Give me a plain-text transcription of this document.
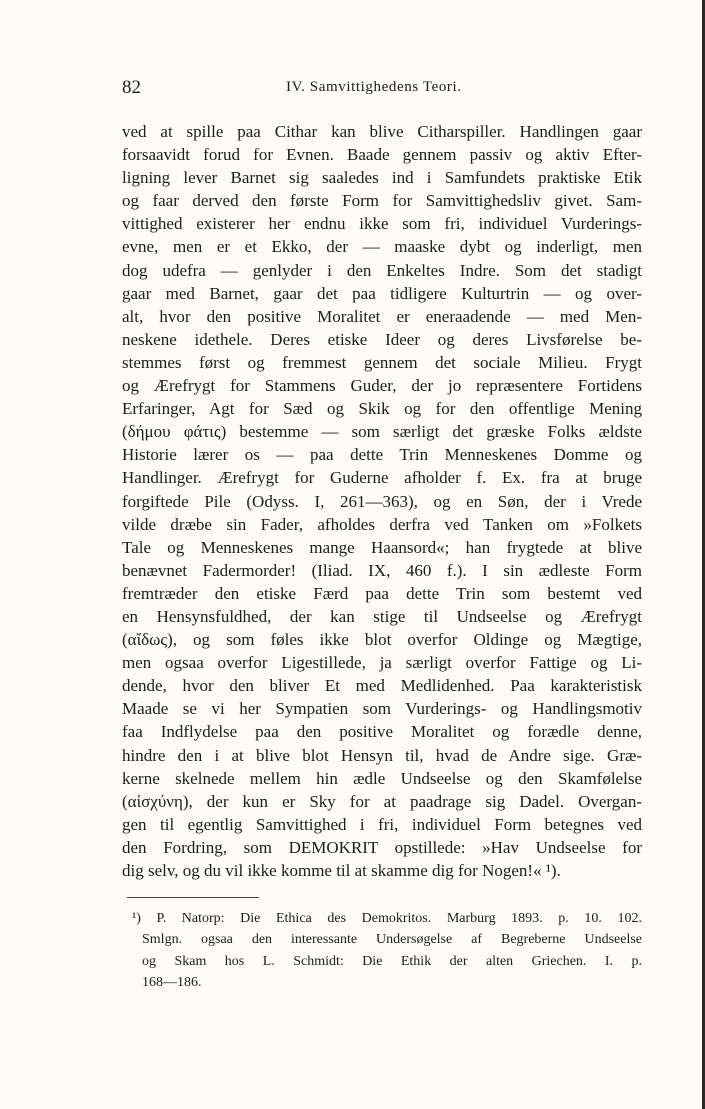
82	IV. Samvittighedens Teori.
ved at spille paa Cithar kan blive Citharspiller. Handlingen gaar
forsaavidt forud for Evnen. Baade gennem passiv og aktiv Efter-
ligning lever Barnet sig saaledes ind i Samfundets praktiske Etik
og faar derved den første Form for Samvittighedsliv givet. Sam-
vittighed existerer her endnu ikke som fri, individuel Vurderings-
evne, men er et Ekko, der — maaske dybt og inderligt, men
dog udefra — genlyder i den Enkeltes Indre. Som det stadigt
gaar med Barnet, gaar det paa tidligere Kulturtrin — og over-
alt, hvor den positive Moralitet er eneraadende — med Men-
neskene idethele. Deres etiske Ideer og deres Livsførelse be-
stemmes først og fremmest gennem det sociale Milieu. Frygt
og Ærefrygt for Stammens Guder, der jo repræsentere Fortidens
Erfaringer, Agt for Sæd og Skik og for den offentlige Mening
(δήμου φάτις) bestemme — som særligt det græske Folks ældste
Historie lærer os — paa dette Trin Menneskenes Domme og
Handlinger. Ærefrygt for Guderne afholder f. Ex. fra at bruge
forgiftede Pile (Odyss. I, 261—363), og en Søn, der i Vrede
vilde dræbe sin Fader, afholdes derfra ved Tanken om »Folkets
Tale og Menneskenes mange Haansord«; han frygtede at blive
benævnet Fadermorder! (Iliad. IX, 460 f.). I sin ædleste Form
fremtræder den etiske Færd paa dette Trin som bestemt ved
en Hensynsfuldhed, der kan stige til Undseelse og Ærefrygt
(αἴδως), og som føles ikke blot overfor Oldinge og Mægtige,
men ogsaa overfor Ligestillede, ja særligt overfor Fattige og Li-
dende, hvor den bliver Et med Medlidenhed. Paa karakteristisk
Maade se vi her Sympatien som Vurderings- og Handlingsmotiv
faa Indflydelse paa den positive Moralitet og forædle denne,
hindre den i at blive blot Hensyn til, hvad de Andre sige. Græ-
kerne skelnede mellem hin ædle Undseelse og den Skamfølelse
(αἰσχύνη), der kun er Sky for at paadrage sig Dadel. Overgan-
gen til egentlig Samvittighed i fri, individuel Form betegnes ved
den Fordring, som DEMOKRIT opstillede: »Hav Undseelse for
dig selv, og du vil ikke komme til at skamme dig for Nogen!« ¹).
¹) P. Natorp: Die Ethica des Demokritos. Marburg 1893. p. 10. 102.
Smlgn. ogsaa den interessante Undersøgelse af Begreberne Undseelse
og Skam hos L. Schmidt: Die Ethik der alten Griechen. I. p.
168—186.
